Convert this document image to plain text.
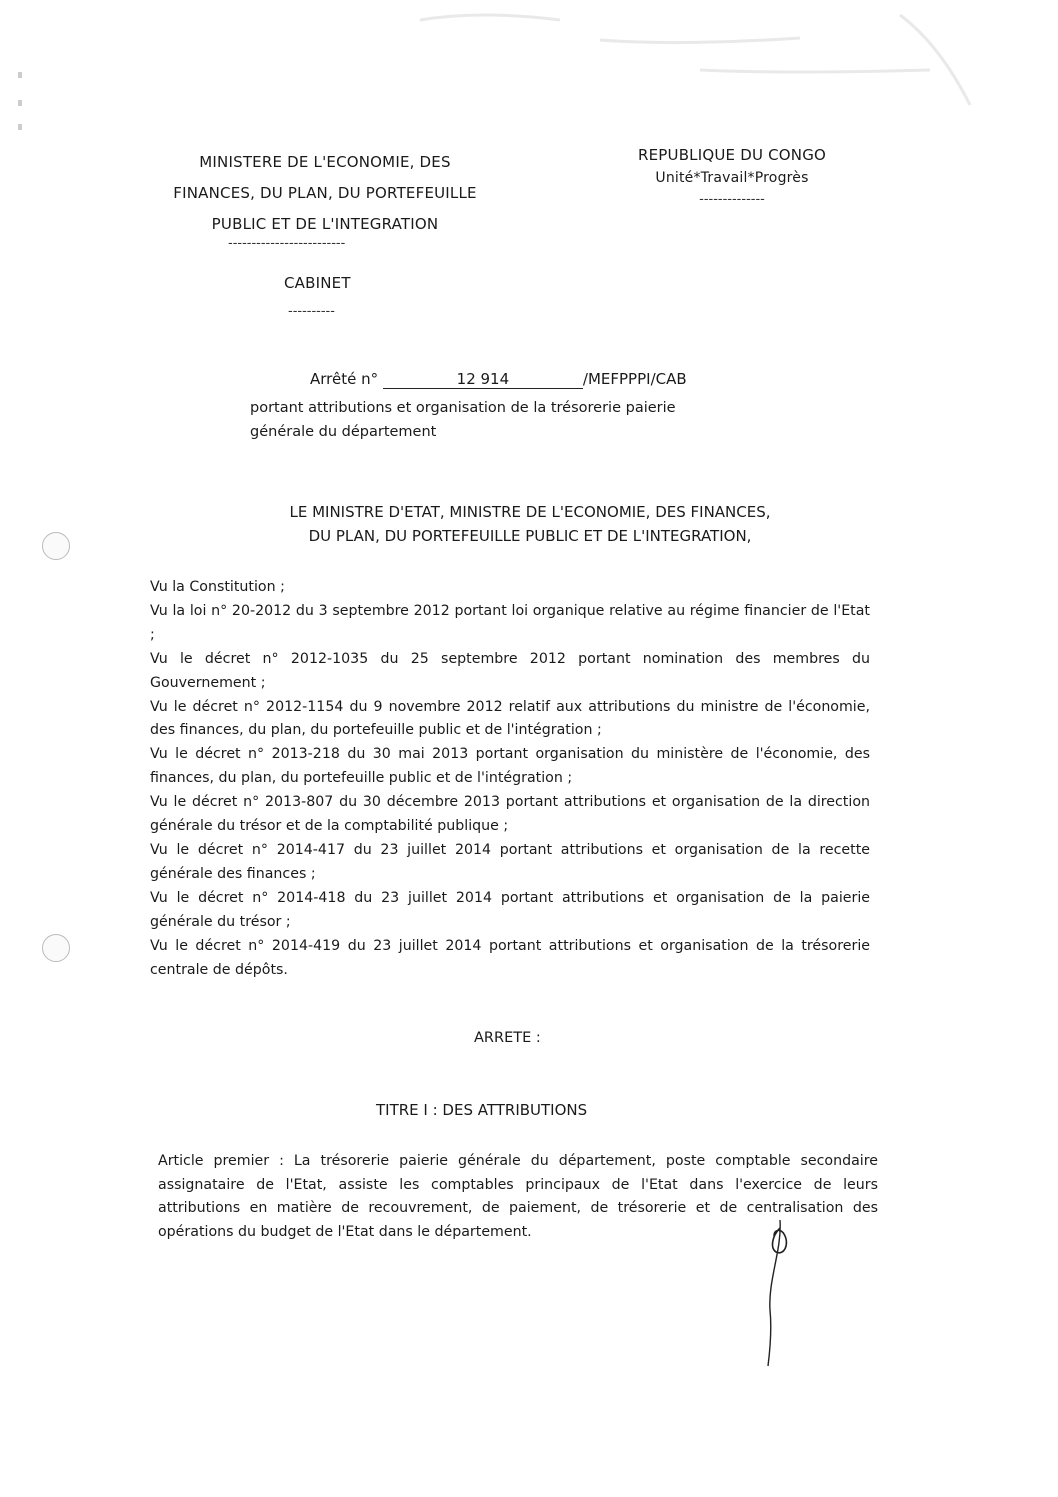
MINISTERE DE L'ECONOMIE, DES
FINANCES, DU PLAN, DU PORTEFEUILLE
PUBLIC ET DE L'INTEGRATION
-------------------------
CABINET
----------
REPUBLIQUE DU CONGO
Unité*Travail*Progrès
--------------
Arrêté n°	12 914	/MEFPPPI/CAB
portant attributions et organisation de la trésorerie paierie
générale du département
LE MINISTRE D'ETAT, MINISTRE DE L'ECONOMIE, DES FINANCES,
DU PLAN, DU PORTEFEUILLE PUBLIC ET DE L'INTEGRATION,

Vu la Constitution ;

Vu la loi n° 20-2012 du 3 septembre 2012 portant loi organique relative au régime financier de l'Etat ;

Vu le décret n° 2012-1035 du 25 septembre 2012 portant nomination des membres du Gouvernement ;

Vu le décret n° 2012-1154 du 9 novembre 2012 relatif aux attributions du ministre de l'économie, des finances, du plan, du portefeuille public et de l'intégration ;

Vu le décret n° 2013-218 du 30 mai 2013 portant organisation du ministère de l'économie, des finances, du plan, du portefeuille public et de l'intégration ;

Vu le décret n° 2013-807 du 30 décembre 2013 portant attributions et organisation de la direction générale du trésor et de la comptabilité publique ;

Vu le décret n° 2014-417 du 23 juillet 2014 portant attributions et organisation de la recette générale des finances ;

Vu le décret n° 2014-418 du 23 juillet 2014 portant attributions et organisation de la paierie générale du trésor ;

Vu le décret n° 2014-419 du 23 juillet 2014 portant attributions et organisation de la trésorerie centrale de dépôts.

ARRETE :
TITRE I : DES ATTRIBUTIONS
Article premier : La trésorerie paierie générale du département, poste comptable secondaire assignataire de l'Etat, assiste les comptables principaux de l'Etat dans l'exercice de leurs attributions en matière de recouvrement, de paiement, de trésorerie et de centralisation des opérations du budget de l'Etat dans le département.
